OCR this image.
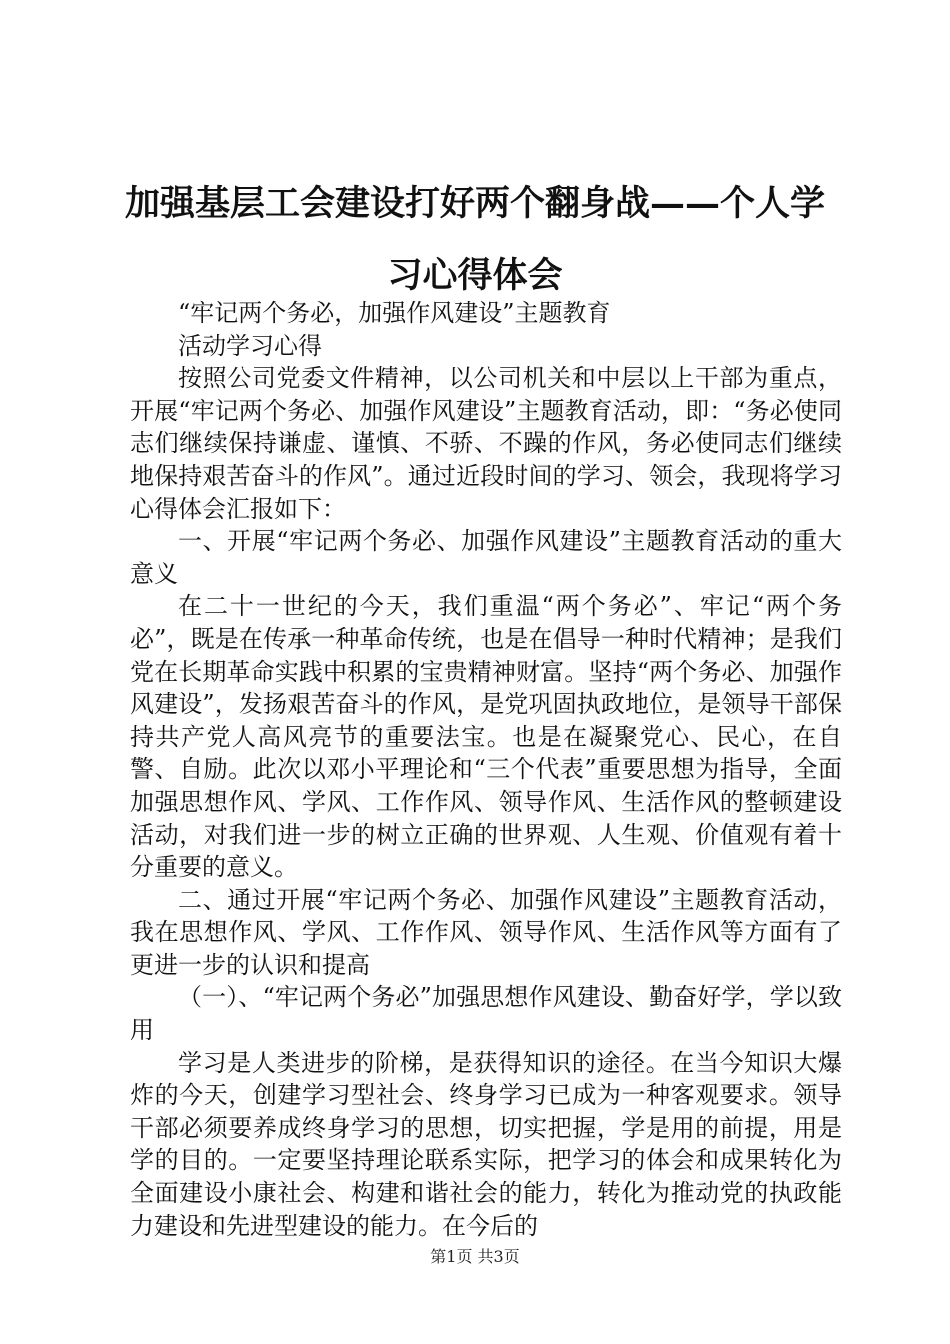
加强基层工会建设打好两个翻身战——个人学习心得体会

“牢记两个务必，加强作风建设”主题教育

活动学习心得

按照公司党委文件精神，以公司机关和中层以上干部为重点，开展“牢记两个务必、加强作风建设”主题教育活动，即：“务必使同志们继续保持谦虚、谨慎、不骄、不躁的作风，务必使同志们继续地保持艰苦奋斗的作风”。通过近段时间的学习、领会，我现将学习心得体会汇报如下：

一、开展“牢记两个务必、加强作风建设”主题教育活动的重大意义

在二十一世纪的今天，我们重温“两个务必”、牢记“两个务必”，既是在传承一种革命传统，也是在倡导一种时代精神；是我们党在长期革命实践中积累的宝贵精神财富。坚持“两个务必、加强作风建设”，发扬艰苦奋斗的作风，是党巩固执政地位，是领导干部保持共产党人高风亮节的重要法宝。也是在凝聚党心、民心，在自警、自励。此次以邓小平理论和“三个代表”重要思想为指导，全面加强思想作风、学风、工作作风、领导作风、生活作风的整顿建设活动，对我们进一步的树立正确的世界观、人生观、价值观有着十分重要的意义。

二、通过开展“牢记两个务必、加强作风建设”主题教育活动，我在思想作风、学风、工作作风、领导作风、生活作风等方面有了更进一步的认识和提高

（一）、“牢记两个务必”加强思想作风建设、勤奋好学，学以致用

学习是人类进步的阶梯，是获得知识的途径。在当今知识大爆炸的今天，创建学习型社会、终身学习已成为一种客观要求。领导干部必须要养成终身学习的思想，切实把握，学是用的前提，用是学的目的。一定要坚持理论联系实际，把学习的体会和成果转化为全面建设小康社会、构建和谐社会的能力，转化为推动党的执政能力建设和先进型建设的能力。在今后的

第1页 共3页
